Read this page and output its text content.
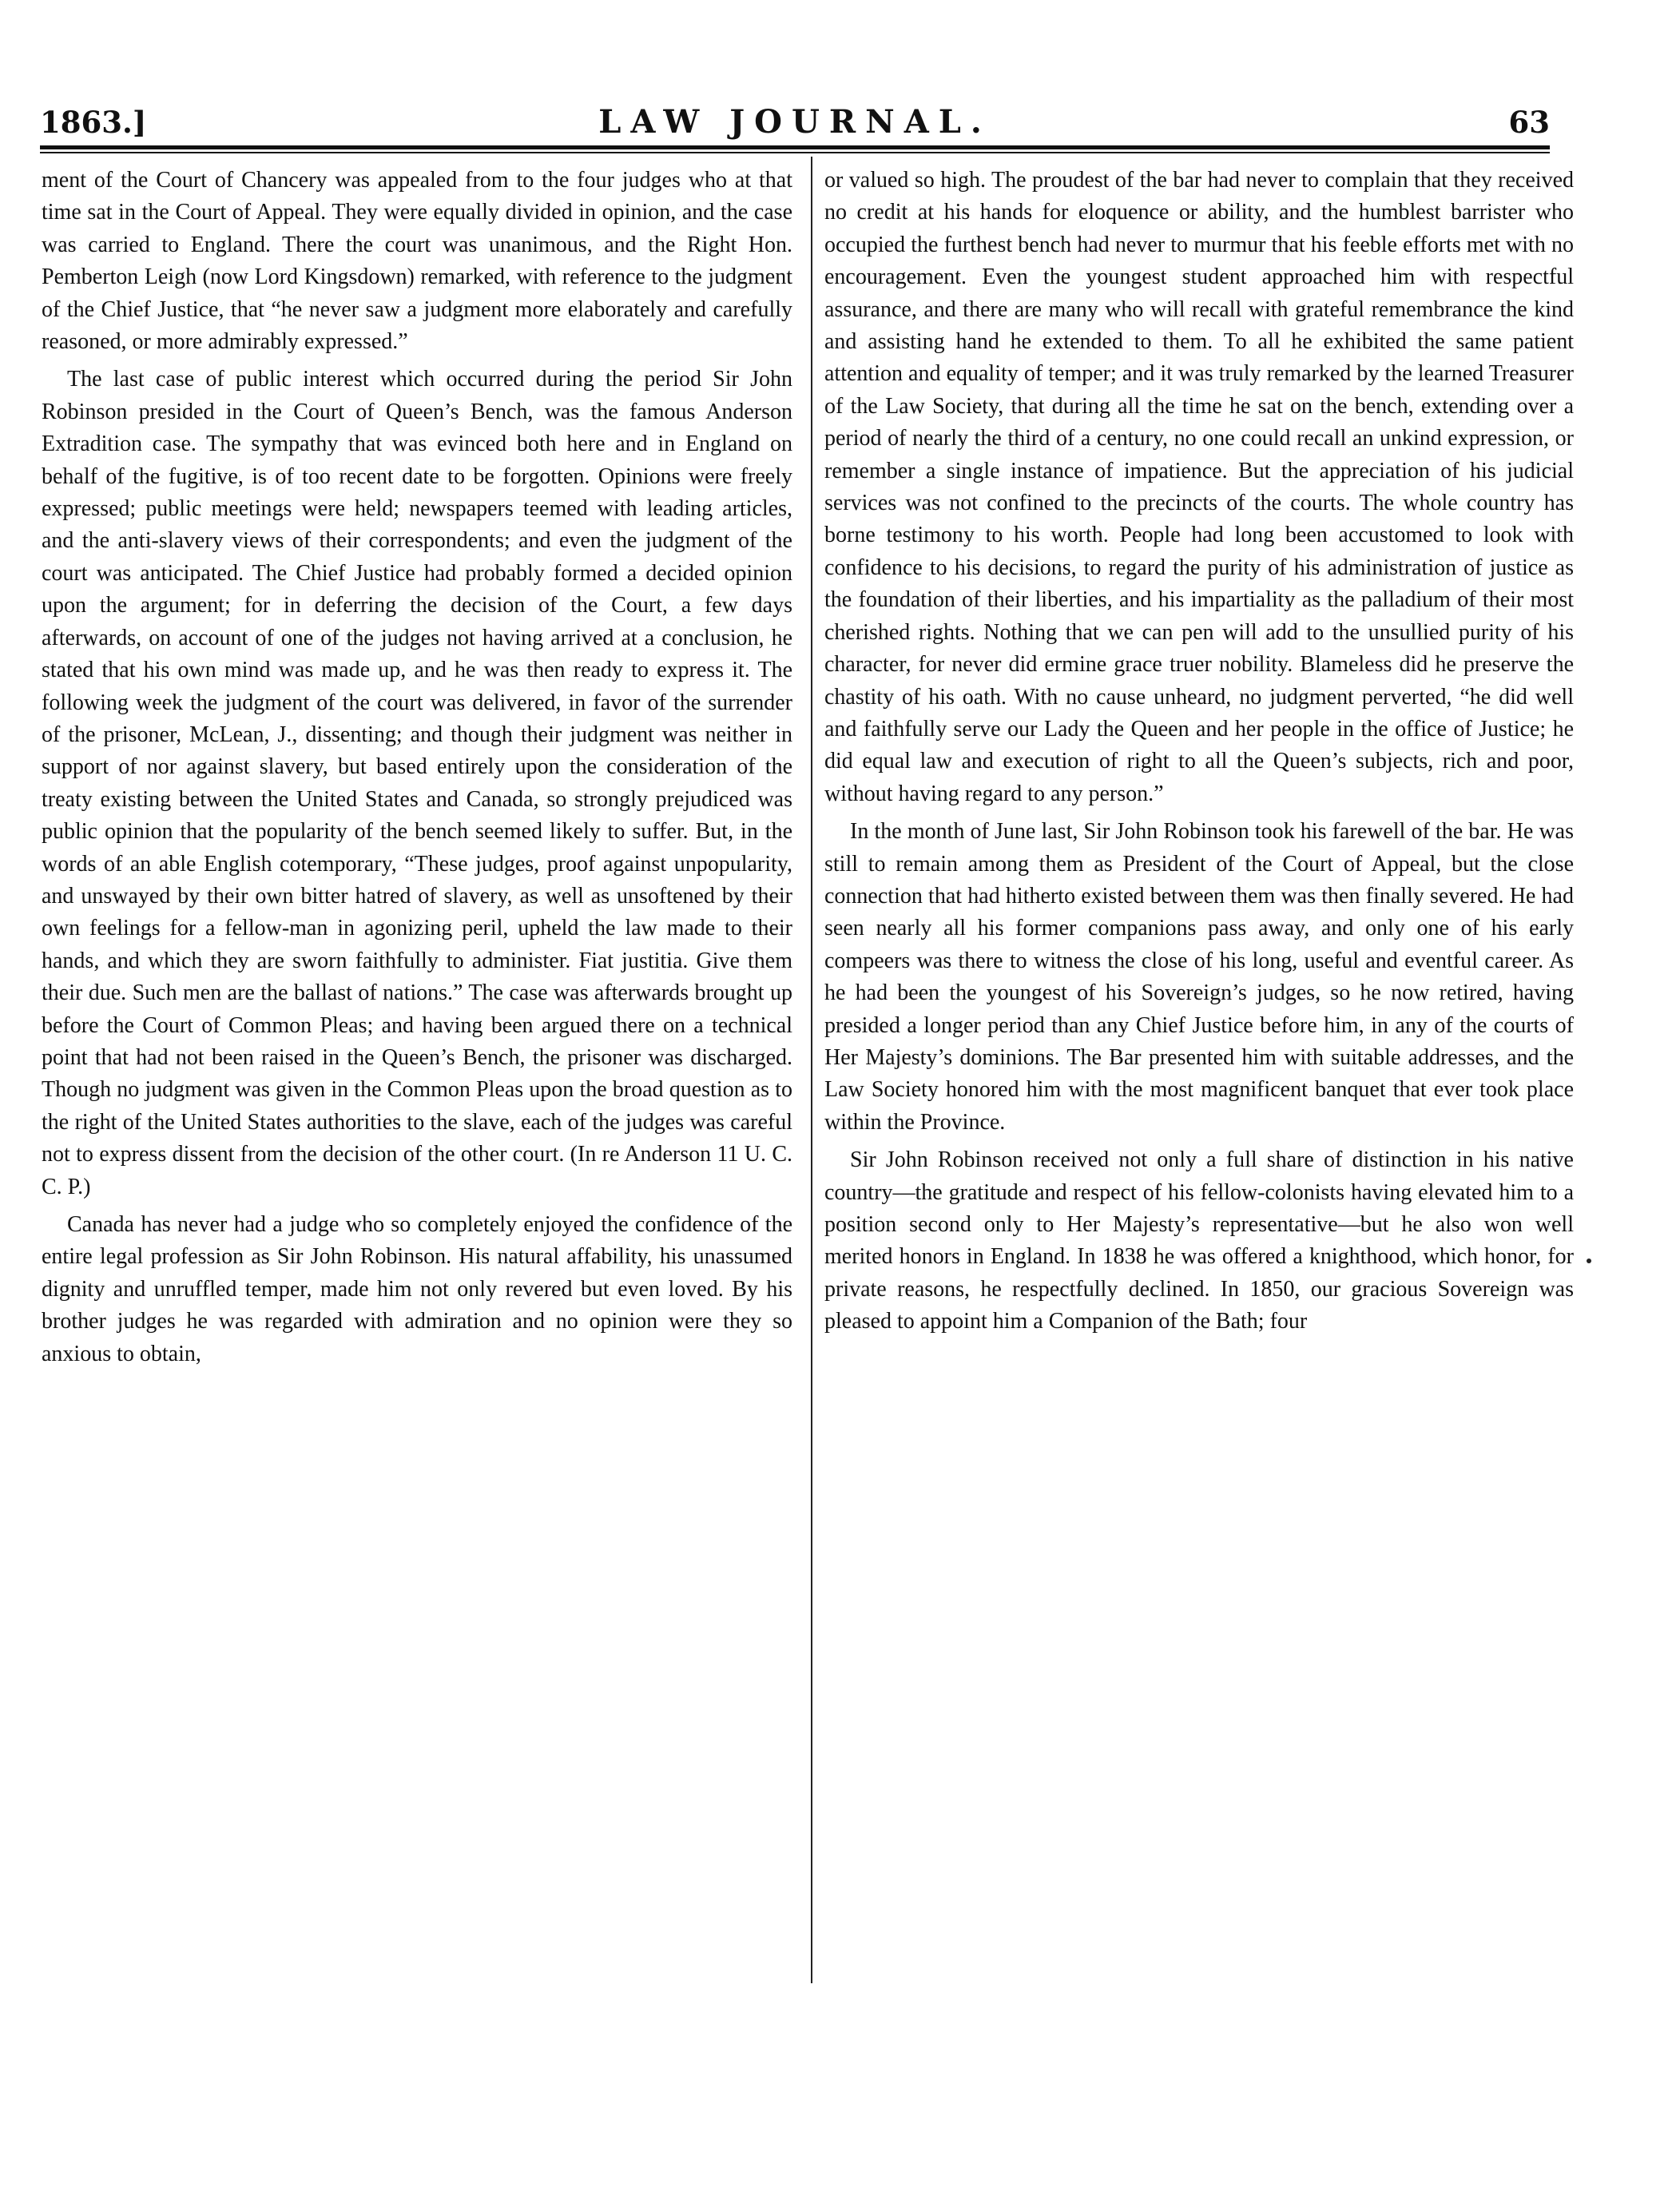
1863.]	LAW JOURNAL.	63

ment of the Court of Chancery was appealed from to the four judges who at that time sat in the Court of Appeal. They were equally divided in opinion, and the case was carried to England. There the court was unanimous, and the Right Hon. Pemberton Leigh (now Lord Kingsdown) remarked, with reference to the judgment of the Chief Justice, that “he never saw a judgment more elaborately and carefully reasoned, or more admirably expressed.”

The last case of public interest which occurred during the period Sir John Robinson presided in the Court of Queen’s Bench, was the famous Anderson Extradition case. The sympathy that was evinced both here and in England on behalf of the fugitive, is of too recent date to be forgotten. Opinions were freely expressed; public meetings were held; newspapers teemed with leading articles, and the anti-slavery views of their correspondents; and even the judgment of the court was anticipated. The Chief Justice had probably formed a decided opinion upon the argument; for in deferring the decision of the Court, a few days afterwards, on account of one of the judges not having arrived at a conclusion, he stated that his own mind was made up, and he was then ready to express it. The following week the judgment of the court was delivered, in favor of the surrender of the prisoner, McLean, J., dissenting; and though their judgment was neither in support of nor against slavery, but based entirely upon the consideration of the treaty existing between the United States and Canada, so strongly prejudiced was public opinion that the popularity of the bench seemed likely to suffer. But, in the words of an able English cotemporary, “These judges, proof against unpopularity, and unswayed by their own bitter hatred of slavery, as well as unsoftened by their own feelings for a fellow-man in agonizing peril, upheld the law made to their hands, and which they are sworn faithfully to administer. Fiat justitia. Give them their due. Such men are the ballast of nations.” The case was afterwards brought up before the Court of Common Pleas; and having been argued there on a technical point that had not been raised in the Queen’s Bench, the prisoner was discharged. Though no judgment was given in the Common Pleas upon the broad question as to the right of the United States authorities to the slave, each of the judges was careful not to express dissent from the decision of the other court. (In re Anderson 11 U. C. C. P.)

Canada has never had a judge who so completely enjoyed the confidence of the entire legal profession as Sir John Robinson. His natural affability, his unassumed dignity and unruffled temper, made him not only revered but even loved. By his brother judges he was regarded with admiration and no opinion were they so anxious to obtain,

or valued so high. The proudest of the bar had never to complain that they received no credit at his hands for eloquence or ability, and the humblest barrister who occupied the furthest bench had never to murmur that his feeble efforts met with no encouragement. Even the youngest student approached him with respectful assurance, and there are many who will recall with grateful remembrance the kind and assisting hand he extended to them. To all he exhibited the same patient attention and equality of temper; and it was truly remarked by the learned Treasurer of the Law Society, that during all the time he sat on the bench, extending over a period of nearly the third of a century, no one could recall an unkind expression, or remember a single instance of impatience. But the appreciation of his judicial services was not confined to the precincts of the courts. The whole country has borne testimony to his worth. People had long been accustomed to look with confidence to his decisions, to regard the purity of his administration of justice as the foundation of their liberties, and his impartiality as the palladium of their most cherished rights. Nothing that we can pen will add to the unsullied purity of his character, for never did ermine grace truer nobility. Blameless did he preserve the chastity of his oath. With no cause unheard, no judgment perverted, “he did well and faithfully serve our Lady the Queen and her people in the office of Justice; he did equal law and execution of right to all the Queen’s subjects, rich and poor, without having regard to any person.”

In the month of June last, Sir John Robinson took his farewell of the bar. He was still to remain among them as President of the Court of Appeal, but the close connection that had hitherto existed between them was then finally severed. He had seen nearly all his former companions pass away, and only one of his early compeers was there to witness the close of his long, useful and eventful career. As he had been the youngest of his Sovereign’s judges, so he now retired, having presided a longer period than any Chief Justice before him, in any of the courts of Her Majesty’s dominions. The Bar presented him with suitable addresses, and the Law Society honored him with the most magnificent banquet that ever took place within the Province.

Sir John Robinson received not only a full share of distinction in his native country—the gratitude and respect of his fellow-colonists having elevated him to a position second only to Her Majesty’s representative—but he also won well merited honors in England. In 1838 he was offered a knighthood, which honor, for private reasons, he respectfully declined. In 1850, our gracious Sovereign was pleased to appoint him a Companion of the Bath; four
